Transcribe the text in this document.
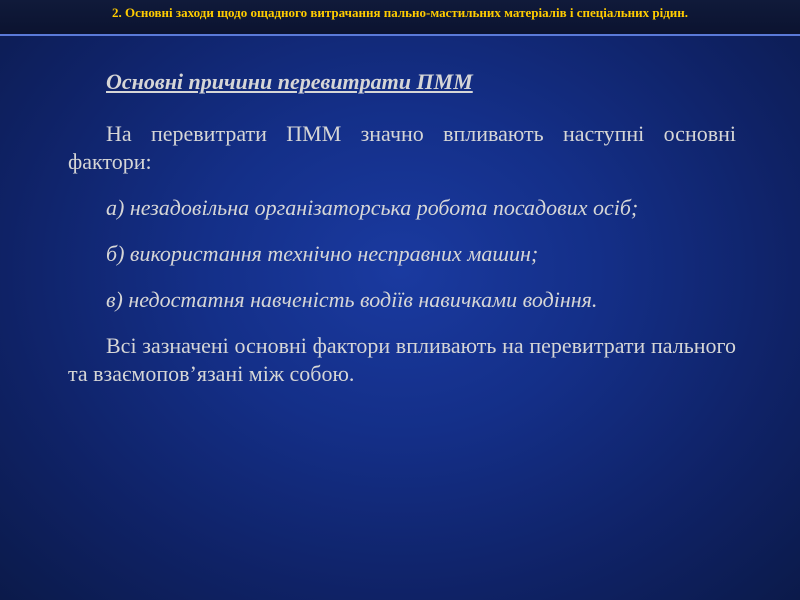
2. Основні заходи щодо ощадного витрачання пально-мастильних матеріалів і спеціальних рідин.

Основні причини перевитрати ПММ

На перевитрати ПММ значно впливають наступні основні фактори:

а) незадовільна організаторська робота посадових осіб;

б) використання технічно несправних машин;

в) недостатня навченість водіїв навичками водіння.

Всі зазначені основні фактори впливають на перевитрати пального та взаємопов’язані між собою.
